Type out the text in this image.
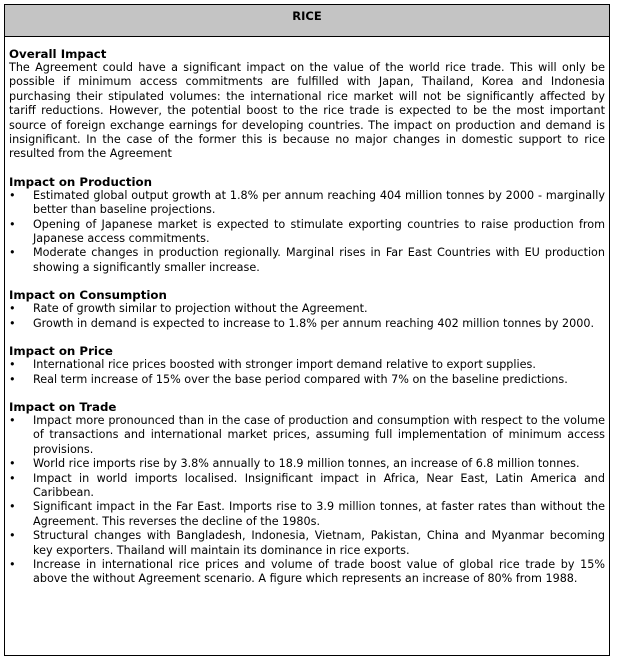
RICE
Overall Impact
The Agreement could have a significant impact on the value of the world rice trade. This will only be possible if minimum access commitments are fulfilled with Japan, Thailand, Korea and Indonesia purchasing their stipulated volumes: the international rice market will not be significantly affected by tariff reductions. However, the potential boost to the rice trade is expected to be the most important source of foreign exchange earnings for developing countries. The impact on production and demand is insignificant. In the case of the former this is because no major changes in domestic support to rice resulted from the Agreement
Impact on Production
• Estimated global output growth at 1.8% per annum reaching 404 million tonnes by 2000 - marginally better than baseline projections.
• Opening of Japanese market is expected to stimulate exporting countries to raise production from Japanese access commitments.
• Moderate changes in production regionally. Marginal rises in Far East Countries with EU production showing a significantly smaller increase.
Impact on Consumption
• Rate of growth similar to projection without the Agreement.
• Growth in demand is expected to increase to 1.8% per annum reaching 402 million tonnes by 2000.
Impact on Price
• International rice prices boosted with stronger import demand relative to export supplies.
• Real term increase of 15% over the base period compared with 7% on the baseline predictions.
Impact on Trade
• Impact more pronounced than in the case of production and consumption with respect to the volume of transactions and international market prices, assuming full implementation of minimum access provisions.
• World rice imports rise by 3.8% annually to 18.9 million tonnes, an increase of 6.8 million tonnes.
• Impact in world imports localised. Insignificant impact in Africa, Near East, Latin America and Caribbean.
• Significant impact in the Far East. Imports rise to 3.9 million tonnes, at faster rates than without the Agreement. This reverses the decline of the 1980s.
• Structural changes with Bangladesh, Indonesia, Vietnam, Pakistan, China and Myanmar becoming key exporters. Thailand will maintain its dominance in rice exports.
• Increase in international rice prices and volume of trade boost value of global rice trade by 15% above the without Agreement scenario. A figure which represents an increase of 80% from 1988.
